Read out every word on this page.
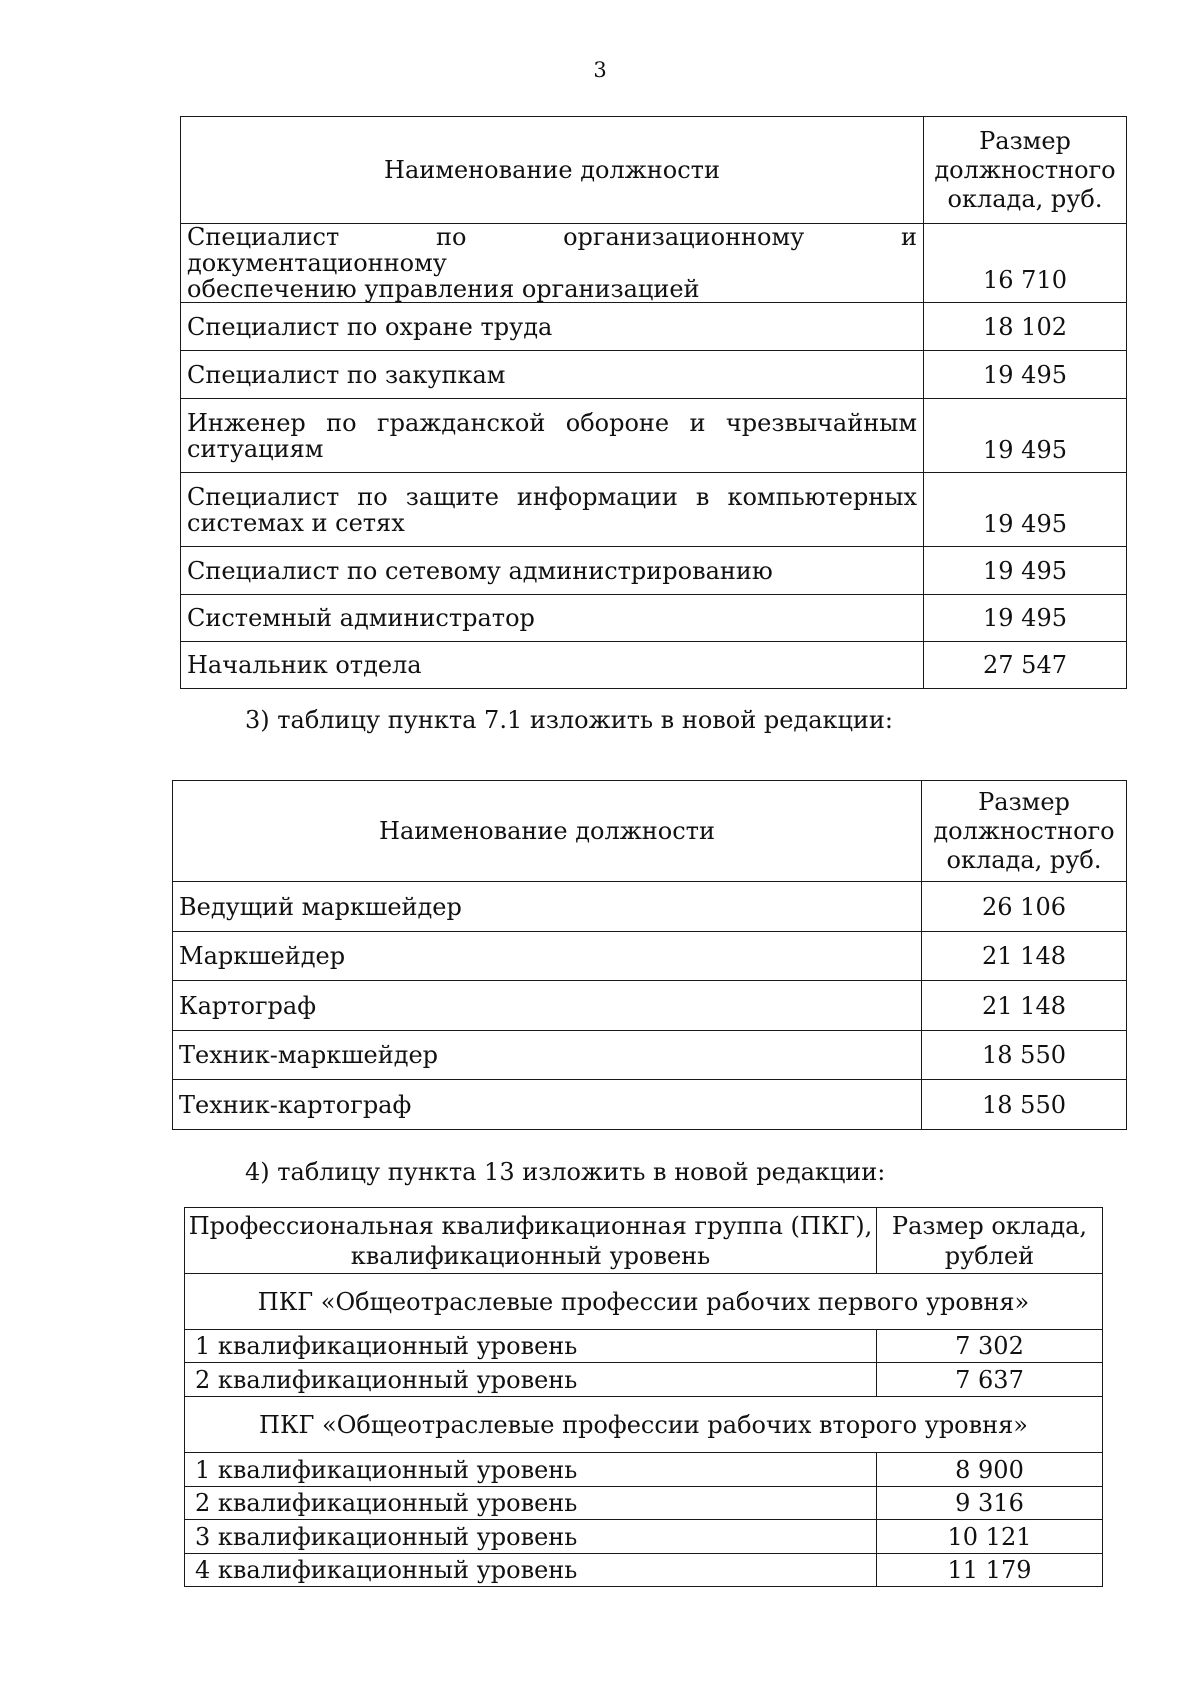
3
Наименование должности	Размер
должностного
оклада, руб.

Специалист по организационному и документационному
обеспечению управления организацией	16 710
Специалист по охране труда	18 102
Специалист по закупкам	19 495

Инженер по гражданской обороне и чрезвычайным
ситуациям	19 495

Специалист по защите информации в компьютерных
системах и сетях	19 495
Специалист по сетевому администрированию	19 495
Системный администратор	19 495
Начальник отдела	27 547
3) таблицу пункта 7.1 изложить в новой редакции:
Наименование должности	Размер
должностного
оклада, руб.
Ведущий маркшейдер	26 106
Маркшейдер	21 148
Картограф	21 148
Техник-маркшейдер	18 550
Техник-картограф	18 550
4) таблицу пункта 13 изложить в новой редакции:
Профессиональная квалификационная группа (ПКГ),
квалификационный уровень	Размер оклада,
рублей
ПКГ «Общеотраслевые профессии рабочих первого уровня»	
1 квалификационный уровень	7 302
2 квалификационный уровень	7 637
ПКГ «Общеотраслевые профессии рабочих второго уровня»	
1 квалификационный уровень	8 900
2 квалификационный уровень	9 316
3 квалификационный уровень	10 121
4 квалификационный уровень	11 179
